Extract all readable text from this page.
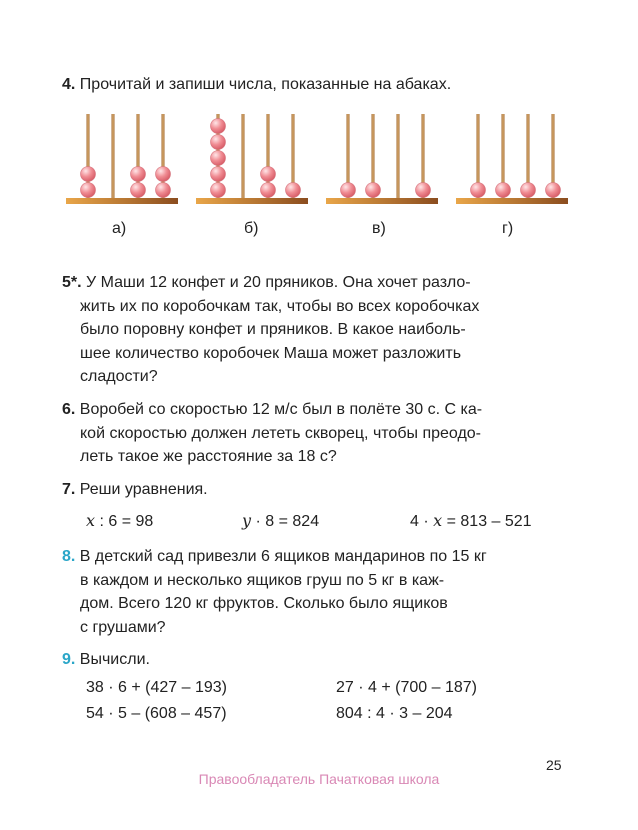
4. Прочитай и запиши числа, показанные на абаках.
а)	б)	в)	г)

5*. У Маши 12 конфет и 20 пряников. Она хочет разло-

жить их по коробочкам так, чтобы во всех коробочках

было поровну конфет и пряников. В какое наиболь-

шее количество коробочек Маша может разложить

сладости?

6. Воробей со скоростью 12 м/с был в полёте 30 с. С ка-

кой скоростью должен лететь скворец, чтобы преодо-

леть такое же расстояние за 18 с?

7. Реши уравнения.
x : 6 = 98	y · 8 = 824	4 · x = 813 – 521

8. В детский сад привезли 6 ящиков мандаринов по 15 кг

в каждом и несколько ящиков груш по 5 кг в каж-

дом. Всего 120 кг фруктов. Сколько было ящиков

с грушами?

9. Вычисли.
38 · 6 + (427 – 193)	27 · 4 + (700 – 187)
54 · 5 – (608 – 457)	804 : 4 · 3 – 204
25
Правообладатель Пачатковая школа
